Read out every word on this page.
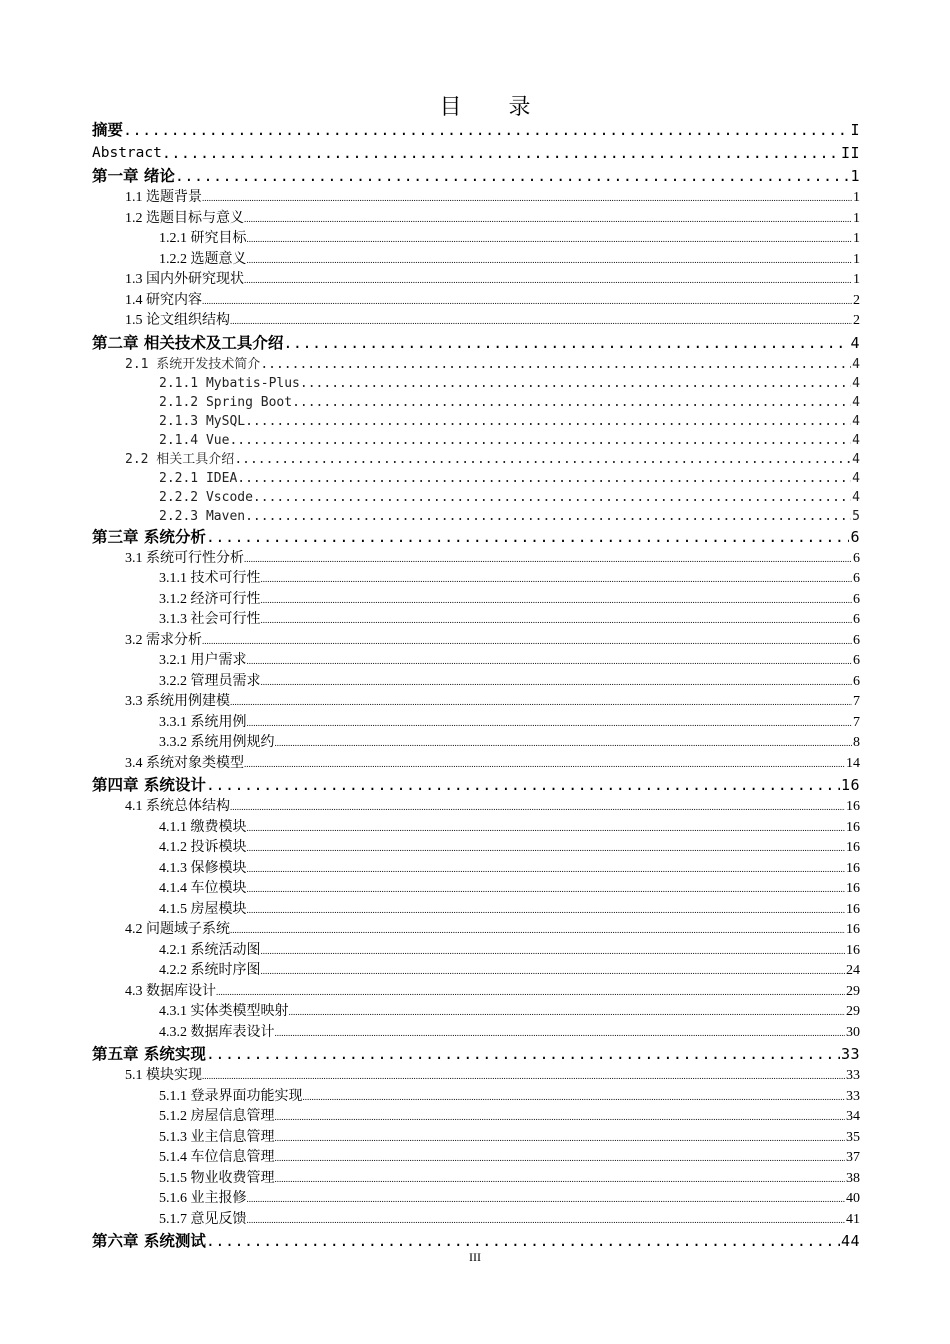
目 录
摘要 .....	I
Abstract .....	II
第一章 绪论 .....	1
1.1 选题背景 .....	1
1.2 选题目标与意义 .....	1
1.2.1 研究目标 .....	1
1.2.2 选题意义 .....	1
1.3 国内外研究现状 .....	1
1.4 研究内容 .....	2
1.5 论文组织结构 .....	2
第二章 相关技术及工具介绍 .....	4
2.1 系统开发技术简介 .....	4
2.1.1 Mybatis-Plus .....	4
2.1.2 Spring Boot .....	4
2.1.3 MySQL .....	4
2.1.4 Vue .....	4
2.2 相关工具介绍 .....	4
2.2.1 IDEA .....	4
2.2.2 Vscode .....	4
2.2.3 Maven .....	5
第三章 系统分析 .....	6
3.1 系统可行性分析 .....	6
3.1.1 技术可行性 .....	6
3.1.2 经济可行性 .....	6
3.1.3 社会可行性 .....	6
3.2 需求分析 .....	6
3.2.1 用户需求 .....	6
3.2.2 管理员需求 .....	6
3.3 系统用例建模 .....	7
3.3.1 系统用例 .....	7
3.3.2 系统用例规约 .....	8
3.4 系统对象类模型 .....	14
第四章 系统设计 .....	16
4.1 系统总体结构 .....	16
4.1.1 缴费模块 .....	16
4.1.2 投诉模块 .....	16
4.1.3 保修模块 .....	16
4.1.4 车位模块 .....	16
4.1.5 房屋模块 .....	16
4.2 问题域子系统 .....	16
4.2.1 系统活动图 .....	16
4.2.2 系统时序图 .....	24
4.3 数据库设计 .....	29
4.3.1 实体类模型映射 .....	29
4.3.2 数据库表设计 .....	30
第五章 系统实现 .....	33
5.1 模块实现 .....	33
5.1.1 登录界面功能实现 .....	33
5.1.2 房屋信息管理 .....	34
5.1.3 业主信息管理 .....	35
5.1.4 车位信息管理 .....	37
5.1.5 物业收费管理 .....	38
5.1.6 业主报修 .....	40
5.1.7 意见反馈 .....	41
第六章 系统测试 .....	44
III
